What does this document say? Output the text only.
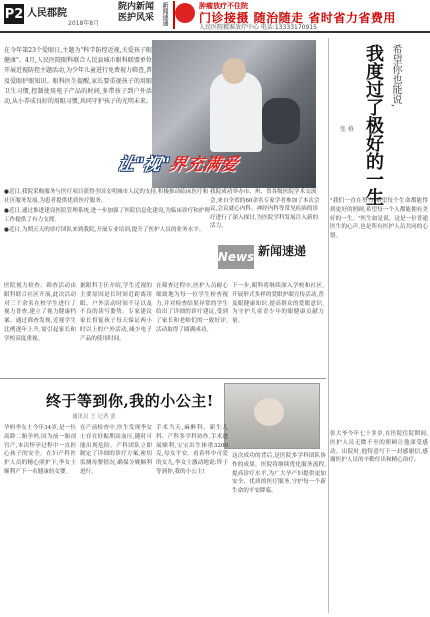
P2 人民郡院
2018年8月
院内新闻
医护风采 新闻速递	肿瘤放疗不住院
门诊接摄 随治随走 省时省力省费用
人民医院精准放疗中心 电话:13333170915
在今年第23个爱眼日,主题为"科学防控近视,关爱孩子眼健康"。4月,人民医院眼科联合人民县城市眼科联盟单位开展近视防控主题活动,为少年儿童进行免费视力筛查,普及爱眼护眼知识。眼科医生提醒,家长要重视孩子的用眼卫生习惯,控制使用电子产品的时间,多带孩子到户外活动,从小养成良好的用眼习惯,共同守护孩子的光明未来。
让"视"界充满爱	我度过了极好的一生 希望你也能说,
张 格

●近日,我院采购服务与医疗项目获得全国文明城市人民的支持,积极推动临床医疗和社区服务发展,为患者提供优质医疗服务。

●近日,通过推进建设医院管理系统,进一步加强了医院信息化建设,为临床诊疗和护理工作提供了有力支撑。

●近日,为期五天的诊疗团队来到我院,开展专业培训,提升了医护人员的业务水平。

我院成功举办市、州、省各级医院学术交流会,来自全省的60余名专家学者参加了本次会议,会议就心内科、神经内科等常见疾病的诊疗进行了深入探讨,为医院学科发展注入新的活力。
News 新闻速递
医院视力检查、筛查活动由眼科联合社区开展,此次活动对三千余名在校学生进行了视力普查,建立了视力健康档案。通过筛查发现,近视学生比例逐年上升,需引起家长和学校高度重视。
据眼科主任介绍,学生近视的主要原因是长时间近距离用眼、户外活动时间不足以及不良的读写姿势。专家建议家长督促孩子每天保证两小时以上的户外活动,减少电子产品的使用时间。
在筛查过程中,医护人员耐心细致地为每一位学生检查视力,并对检查结果异常的学生给出了详细的诊疗建议,受到了家长和老师们的一致好评,活动取得了圆满成功。
下一步,眼科将继续深入学校和社区,开展形式多样的爱眼护眼宣传活动,普及眼健康知识,提高群众的爱眼意识,为守护儿童青少年的眼健康贡献力量。
"我们一直在努力,希望每个生命都能得到更好的照顾,希望每一个人都能拥有美好的一生。"医生如是说。这是一位普通医生的心声,也是所有医护人员共同的心愿。
终于等到你,我的小公主!
通讯员 王 记者 张
孕妈李女士今年34岁,是一位高龄二胎孕妈,因为前一胎剖宫产,本次怀孕过程中一直担心孩子的安全。在妇产科医护人员的精心照护下,李女士顺利产下一名健康的女婴。
在产前检查中,医生发现李女士存在妊娠期高血压,随时可能出现危险。产科团队立即制定了详细的诊疗方案,密切监测母婴情况,确保分娩顺利进行。
手术当天,麻醉科、新生儿科、产科多学科协作,手术进展顺利,宝宝出生体重3200克,母女平安。看着怀中可爱的女儿,李女士激动地说:终于等到你,我的小公主!
这次成功的背后,是医院多学科团队协作的成果。医院将继续优化服务流程,提高诊疗水平,为广大孕产妇提供更加安全、优质的医疗服务,守护每一个新生命的平安降临。
张大爷今年七十多岁,在医院住院期间,医护人员无微不至的照顾让他深受感动。出院时,他特意写下一封感谢信,感谢医护人员的辛勤付出和精心治疗。
